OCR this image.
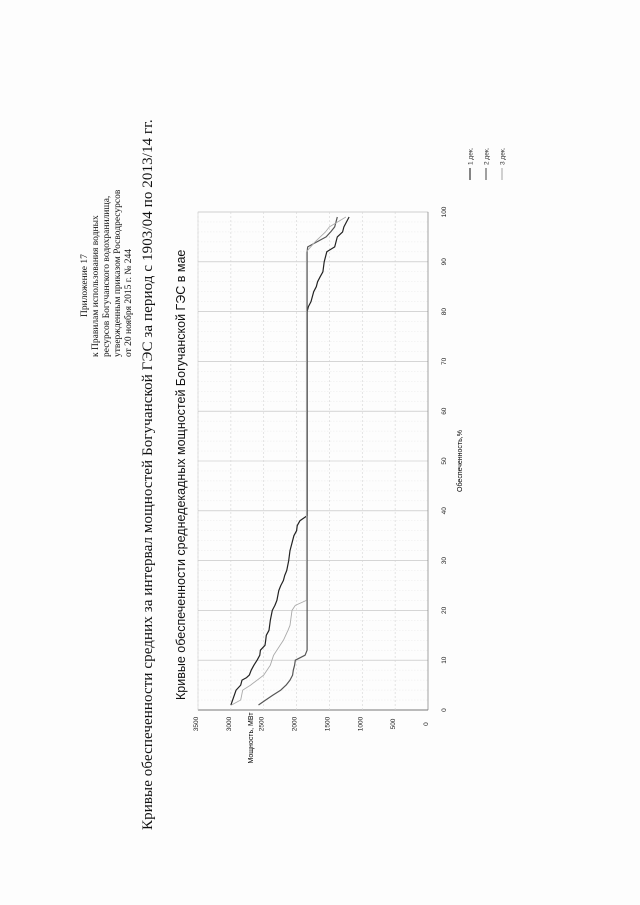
Приложение 17 к Правилам использования водных ресурсов Богучанского водохранилища, утвержденным приказом Росводресурсов от 20 ноября 2015 г. № 244 Кривые обеспеченности средних за интервал мощностей Богучанской ГЭС за период с 1903/04 по 2013/14 гг. Кривые обеспеченности среднедекадных мощностей Богучанской ГЭС в мае
0
10
20
30
40
50
60
70
80
90
100
0
500
1000
1500
2000
2500
3000
3500
1 дек. 2 дек. 3 дек.
Обеспеченность,%
Мощность, МВт
